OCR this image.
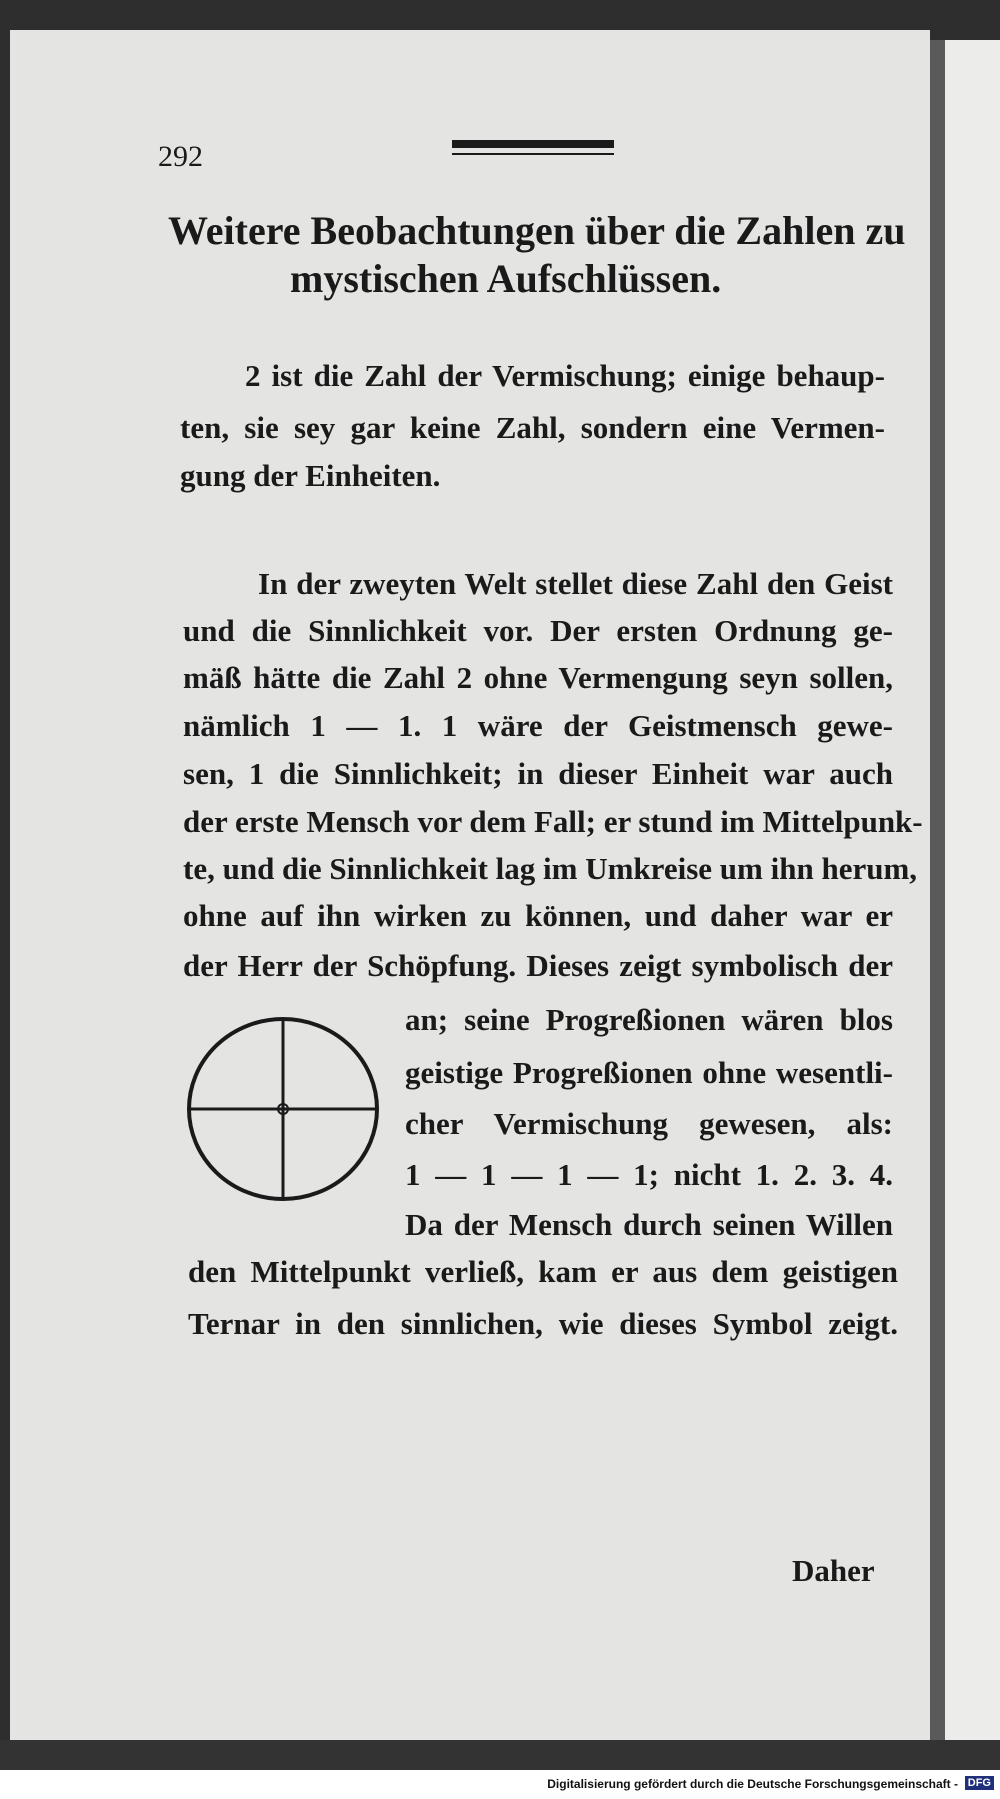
292
Weitere Beobachtungen über die Zahlen zu
mystischen Aufschlüssen.
2 ist die Zahl der Vermischung; einige behaup-
ten, sie sey gar keine Zahl, sondern eine Vermen-
gung der Einheiten.
In der zweyten Welt stellet diese Zahl den Geist
und die Sinnlichkeit vor. Der ersten Ordnung ge-
mäß hätte die Zahl 2 ohne Vermengung seyn sollen,
nämlich 1 — 1. 1 wäre der Geistmensch gewe-
sen, 1 die Sinnlichkeit; in dieser Einheit war auch
der erste Mensch vor dem Fall; er stund im Mittelpunk-
te, und die Sinnlichkeit lag im Umkreise um ihn herum,
ohne auf ihn wirken zu können, und daher war er
der Herr der Schöpfung. Dieses zeigt symbolisch der
an; seine Progreßionen wären blos
geistige Progreßionen ohne wesentli-
cher Vermischung gewesen, als:
1 — 1 — 1 — 1; nicht 1. 2. 3. 4.
Da der Mensch durch seinen Willen
den Mittelpunkt verließ, kam er aus dem geistigen
Ternar in den sinnlichen, wie dieses Symbol zeigt.
Daher
Digitalisierung gefördert durch die Deutsche Forschungsgemeinschaft - DFG
